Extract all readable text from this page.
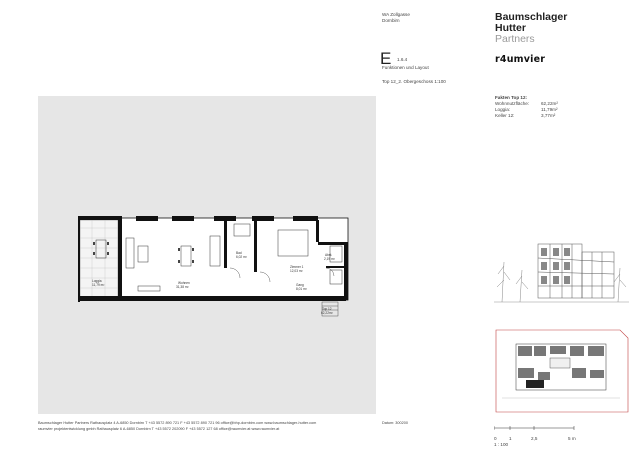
WA Zollgasse
Dornbirn
E 1.6.4
Funktionen und Layout
Top 12_2. Obergeschoss 1:100
Baumschlager
Hutter
Partners
r4umvier
Fakten Top 12:
Wohnnutzfläche:	62,22m²
Loggia:	11,79m²
Keller 12:	3,77m²
Loggia
11,79 m²	Wohnen
31,38 m²
Bad
6,02 m²
Zimmer 1
12,03 m²
Gang
8,01 m²
Abst.
2,19 m²
Top 12
62,22m²
0	1	2,5	5 m
1 : 100
Baumschlager Hutter Partners Rathausplatz 4 A-6850 Dornbirn T +43 5572 890 721 F +43 5572 890 721 96 office@bhp-dornbirn.com www.baumschlager-hutter.com
raumvier projektentwicklung gmbh Rathausplatz 6 A-6850 Dornbirn T +43 5572 202090 F +43 5572 127 68 office@raumvier.at www.raumvier.at
Datum: 300200
